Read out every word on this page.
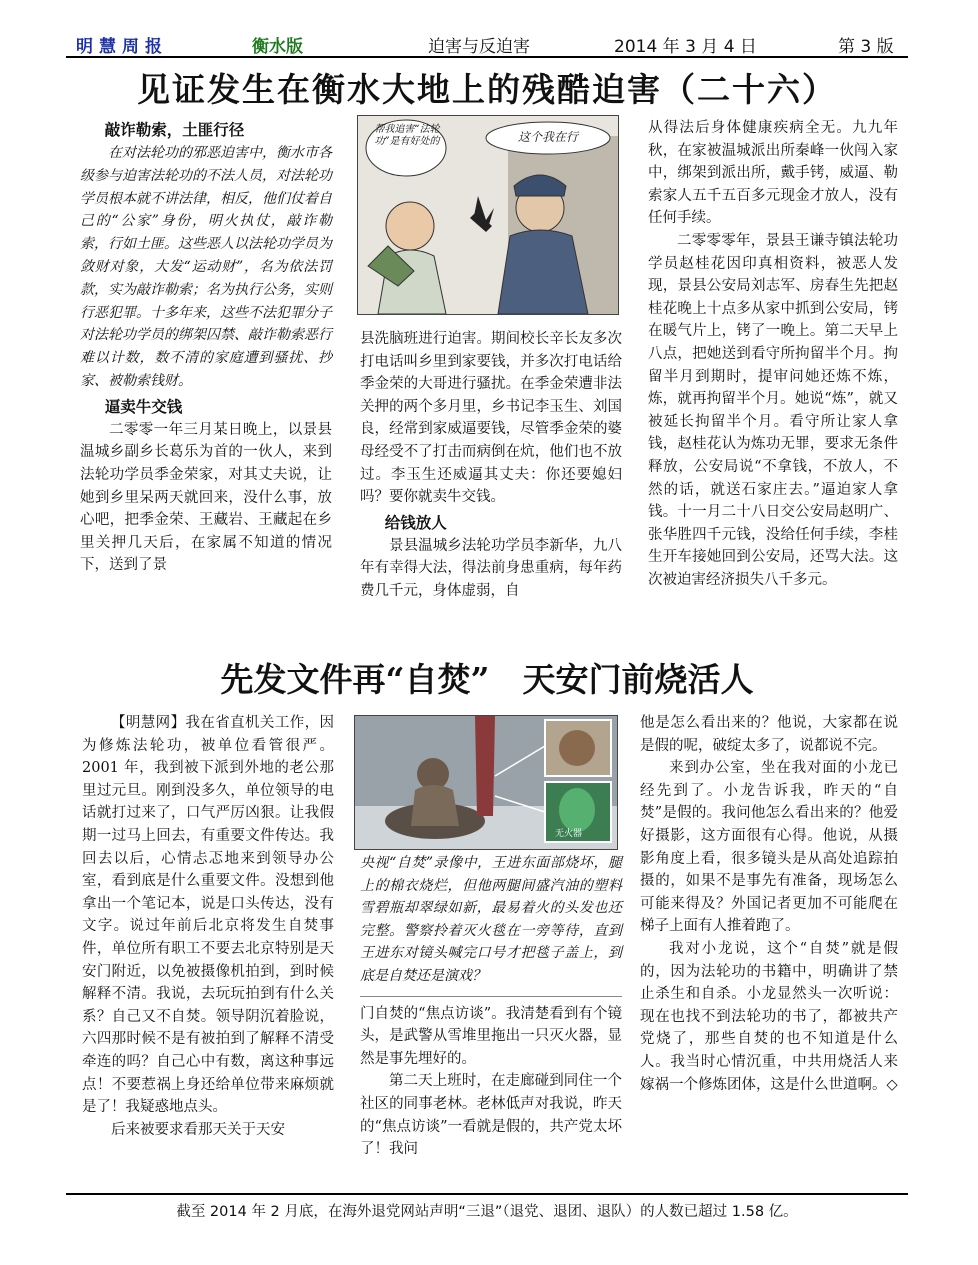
明慧周报	衡水版	迫害与反迫害	2014 年 3 月 4 日	第 3 版
见证发生在衡水大地上的残酷迫害（二十六）
敲诈勒索，土匪行径

在对法轮功的邪恶迫害中，衡水市各级参与迫害法轮功的不法人员，对法轮功学员根本就不讲法律，相反，他们仗着自己的“公家”身份，明火执仗，敲诈勒索，行如土匪。这些恶人以法轮功学员为敛财对象，大发“运动财”，名为依法罚款，实为敲诈勒索；名为执行公务，实则行恶犯罪。十多年来，这些不法犯罪分子对法轮功学员的绑架囚禁、敲诈勒索恶行难以计数，数不清的家庭遭到骚扰、抄家、被勒索钱财。

逼卖牛交钱

二零零一年三月某日晚上，以景县温城乡副乡长葛乐为首的一伙人，来到法轮功学员季金荣家，对其丈夫说，让她到乡里呆两天就回来，没什么事，放心吧，把季金荣、王藏岩、王藏起在乡里关押几天后，在家属不知道的情况下，送到了景

帮我追害“法轮功”是有好处的	这个我在行

县洗脑班进行迫害。期间校长辛长友多次打电话叫乡里到家要钱，并多次打电话给季金荣的大哥进行骚扰。在季金荣遭非法关押的两个多月里，乡书记李玉生、刘国良，经常到家威逼要钱，尽管季金荣的婆母经受不了打击而病倒在炕，他们也不放过。李玉生还威逼其丈夫：你还要媳妇吗？要你就卖牛交钱。

给钱放人

景县温城乡法轮功学员李新华，九八年有幸得大法，得法前身患重病，每年药费几千元，身体虚弱，自

从得法后身体健康疾病全无。九九年秋，在家被温城派出所秦峰一伙闯入家中，绑架到派出所，戴手铐，威逼、勒索家人五千五百多元现金才放人，没有任何手续。

二零零零年，景县王谦寺镇法轮功学员赵桂花因印真相资料，被恶人发现，景县公安局刘志军、房春生先把赵桂花晚上十点多从家中抓到公安局，铐在暖气片上，铐了一晚上。第二天早上八点，把她送到看守所拘留半个月。拘留半月到期时，提审问她还炼不炼，炼，就再拘留半个月。她说“炼”，就又被延长拘留半个月。看守所让家人拿钱，赵桂花认为炼功无罪，要求无条件释放，公安局说“不拿钱，不放人，不然的话，就送石家庄去。”逼迫家人拿钱。十一月二十八日交公安局赵明广、张华胜四千元钱，没给任何手续，李桂生开车接她回到公安局，还骂大法。这次被迫害经济损失八千多元。

先发文件再“自焚”　天安门前烧活人

【明慧网】我在省直机关工作，因为修炼法轮功，被单位看管很严。2001 年，我到被下派到外地的老公那里过元旦。刚到没多久，单位领导的电话就打过来了，口气严厉凶狠。让我假期一过马上回去，有重要文件传达。我回去以后，心情忐忑地来到领导办公室，看到底是什么重要文件。没想到他拿出一个笔记本，说是口头传达，没有文字。说过年前后北京将发生自焚事件，单位所有职工不要去北京特别是天安门附近，以免被摄像机拍到，到时候解释不清。我说，去玩玩拍到有什么关系？自己又不自焚。领导阴沉着脸说，六四那时候不是有被拍到了解释不清受牵连的吗？自己心中有数，离这种事远点！不要惹祸上身还给单位带来麻烦就是了！我疑惑地点头。

后来被要求看那天关于天安

无火器

央视“自焚”录像中，王进东面部烧坏，腿上的棉衣烧烂，但他两腿间盛汽油的塑料雪碧瓶却翠绿如新，最易着火的头发也还完整。警察拎着灭火毯在一旁等待，直到王进东对镜头喊完口号才把毯子盖上，到底是自焚还是演戏？

门自焚的“焦点访谈”。我清楚看到有个镜头，是武警从雪堆里拖出一只灭火器，显然是事先埋好的。

第二天上班时，在走廊碰到同住一个社区的同事老林。老林低声对我说，昨天的“焦点访谈”一看就是假的，共产党太坏了！我问

他是怎么看出来的？他说，大家都在说是假的呢，破绽太多了，说都说不完。

来到办公室，坐在我对面的小龙已经先到了。小龙告诉我，昨天的“自焚”是假的。我问他怎么看出来的？他爱好摄影，这方面很有心得。他说，从摄影角度上看，很多镜头是从高处追踪拍摄的，如果不是事先有准备，现场怎么可能来得及？外国记者更加不可能爬在梯子上面有人推着跑了。

我对小龙说，这个“自焚”就是假的，因为法轮功的书籍中，明确讲了禁止杀生和自杀。小龙显然头一次听说：现在也找不到法轮功的书了，都被共产党烧了，那些自焚的也不知道是什么人。我当时心情沉重，中共用烧活人来嫁祸一个修炼团体，这是什么世道啊。◇

截至 2014 年 2 月底，在海外退党网站声明“三退”（退党、退团、退队）的人数已超过 1.58 亿。
